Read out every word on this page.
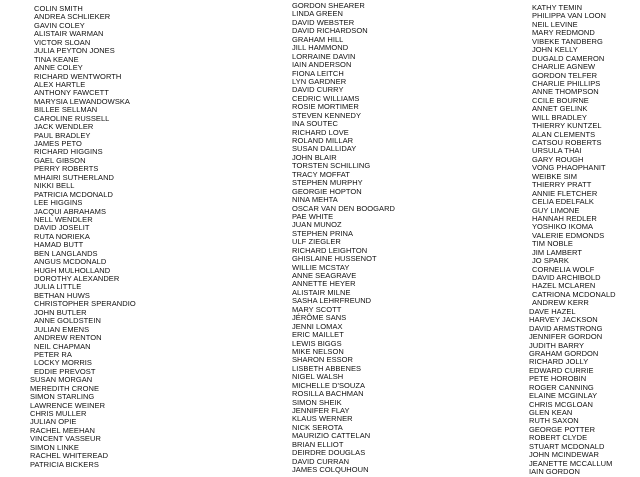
COLIN SMITH
ANDREA SCHLIEKER
GAVIN COLEY
ALISTAIR WARMAN
VICTOR SLOAN
JULIA PEYTON JONES
TINA KEANE
ANNE COLEY
RICHARD WENTWORTH
ALEX HARTLE
ANTHONY FAWCETT
MARYSIA LEWANDOWSKA
BILLEE SELLMAN
CAROLINE RUSSELL
JACK WENDLER
PAUL BRADLEY
JAMES PETO
RICHARD HIGGINS
GAEL GIBSON
PERRY ROBERTS
MHAIRI SUTHERLAND
NIKKI BELL
PATRICIA MCDONALD
LEE HIGGINS
JACQUI ABRAHAMS
NELL WENDLER
DAVID JOSELIT
RUTA NORIEKA
HAMAD BUTT
BEN LANGLANDS
ANGUS MCDONALD
HUGH MULHOLLAND
DOROTHY ALEXANDER
JULIA LITTLE
BETHAN HUWS
CHRISTOPHER SPERANDIO
JOHN BUTLER
ANNE GOLDSTEIN
JULIAN EMENS
ANDREW RENTON
NEIL CHAPMAN
PETER RA
LOCKY MORRIS
EDDIE PREVOST
SUSAN MORGAN
MEREDITH CRONE
SIMON STARLING
LAWRENCE WEINER
CHRIS MULLER
JULIAN OPIE
RACHEL MEEHAN
VINCENT VASSEUR
SIMON LINKE
RACHEL WHITEREAD
PATRICIA BICKERS
GORDON SHEARER
LINDA GREEN
DAVID WEBSTER
DAVID RICHARDSON
GRAHAM HILL
JILL HAMMOND
LORRAINE DAVIN
IAIN ANDERSON
FIONA LEITCH
LYN GARDNER
DAVID CURRY
CEDRIC WILLIAMS
ROSIE MORTIMER
STEVEN KENNEDY
INA SOUTEC
RICHARD LOVE
ROLAND MILLAR
SUSAN DALLIDAY
JOHN BLAIR
TORSTEN SCHILLING
TRACY MOFFAT
STEPHEN MURPHY
GEORGIE HOPTON
NINA MEHTA
OSCAR VAN DEN BOOGARD
PAE WHITE
JUAN MUNOZ
STEPHEN PRINA
ULF ZIEGLER
RICHARD LEIGHTON
GHISLAINE HUSSENOT
WILLIE MCSTAY
ANNE SEAGRAVE
ANNETTE HEYER
ALISTAIR MILNE
SASHA LEHRFREUND
MARY SCOTT
JÉRÔME SANS
JENNI LOMAX
ERIC MAILLET
LEWIS BIGGS
MIKE NELSON
SHARON ESSOR
LISBETH ABBENES
NIGEL WALSH
MICHELLE D'SOUZA
ROSILLA BACHMAN
SIMON SHEIK
JENNIFER FLAY
KLAUS WERNER
NICK SEROTA
MAURIZIO CATTELAN
BRIAN ELLIOT
DEIRDRE DOUGLAS
DAVID CURRAN
JAMES COLQUHOUN
KATHY TEMIN
PHILIPPA VAN LOON
NEIL LEVINE
MARY REDMOND
VIBEKE TANDBERG
JOHN KELLY
DUGALD CAMERON
CHARLIE AGNEW
GORDON TELFER
CHARLIE PHILLIPS
ANNE THOMPSON
CCILE BOURNE
ANNET GELINK
WILL BRADLEY
THIERRY KUNTZEL
ALAN CLEMENTS
CATSOU ROBERTS
URSULA THAI
GARY ROUGH
VONG PHAOPHANIT
WEIBKE SIM
THIERRY PRATT
ANNIE FLETCHER
CELIA EDELFALK
GUY LIMONE
HANNAH REDLER
YOSHIKO IKOMA
VALERIE EDMONDS
TIM NOBLE
JIM LAMBERT
JO SPARK
CORNELIA WOLF
DAVID ARCHIBOLD
HAZEL MCLAREN
CATRIONA MCDONALD
ANDREW KERR
DAVE HAZEL
HARVEY JACKSON
DAVID ARMSTRONG
JENNIFER GORDON
JUDITH BARRY
GRAHAM GORDON
RICHARD JOLLY
EDWARD CURRIE
PETE HOROBIN
ROGER CANNING
ELAINE MCGINLAY
CHRIS MCGLOAN
GLEN KEAN
RUTH SAXON
GEORGE POTTER
ROBERT CLYDE
STUART MCDONALD
JOHN MCINDEWAR
JEANETTE MCCALLUM
IAIN GORDON
